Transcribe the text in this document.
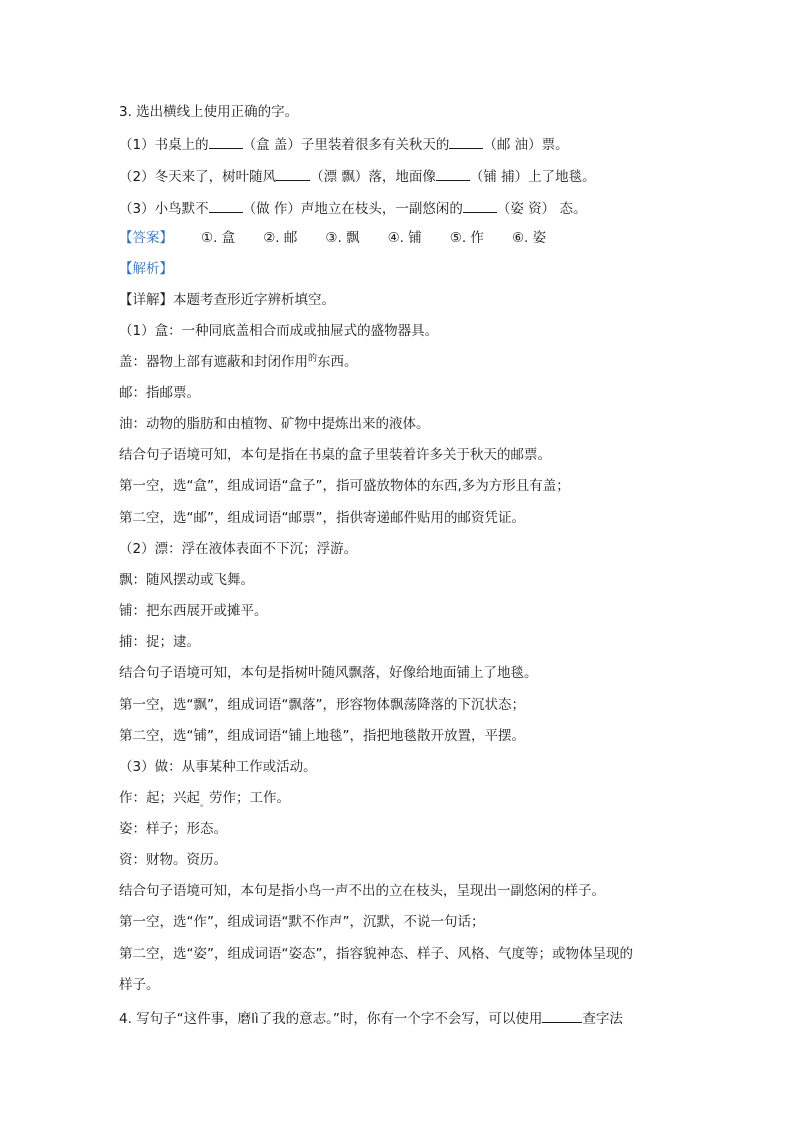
3. 选出横线上使用正确的字。
（1）书桌上的	（盒 盖）子里装着很多有关秋天的	（邮 油）票。
（2）冬天来了，树叶随风	（漂 飘）落，地面像	（铺 捕）上了地毯。
（3）小鸟默不	（做 作）声地立在枝头，一副悠闲的	（姿 资） 态。
【答案】 ①. 盒 ②. 邮 ③. 飘 ④. 铺 ⑤. 作 ⑥. 姿
【解析】
【详解】本题考查形近字辨析填空。
（1）盒：一种同底盖相合而成或抽屉式的盛物器具。
盖：器物上部有遮蔽和封闭作用$^的$东西。
邮：指邮票。
油：动物的脂肪和由植物、矿物中提炼出来的液体。
结合句子语境可知，本句是指在书桌的盒子里装着许多关于秋天的邮票。
第一空，选“盒”，组成词语“盒子”，指可盛放物体的东西,多为方形且有盖；
第二空，选“邮”，组成词语“邮票”，指供寄递邮件贴用的邮资凭证。
（2）漂：浮在液体表面不下沉；浮游。
飘：随风摆动或飞舞。
铺：把东西展开或摊平。
捕：捉；逮。
结合句子语境可知，本句是指树叶随风飘落，好像给地面铺上了地毯。
第一空，选“飘”，组成词语“飘落”，形容物体飘荡降落的下沉状态；
第二空，选“铺”，组成词语“铺上地毯”，指把地毯散开放置，平摆。
（3）做：从事某种工作或活动。
作：起；兴起$_。$劳作；工作。
姿：样子；形态。
资：财物。资历。
结合句子语境可知，本句是指小鸟一声不出的立在枝头，呈现出一副悠闲的样子。
第一空，选“作”，组成词语“默不作声”，沉默，不说一句话；
第二空，选“姿”，组成词语“姿态”，指容貌神态、样子、风格、气度等；或物体呈现的
样子。
4. 写句子“这件事，磨lì了我的意志。”时，你有一个字不会写，可以使用	查字法
